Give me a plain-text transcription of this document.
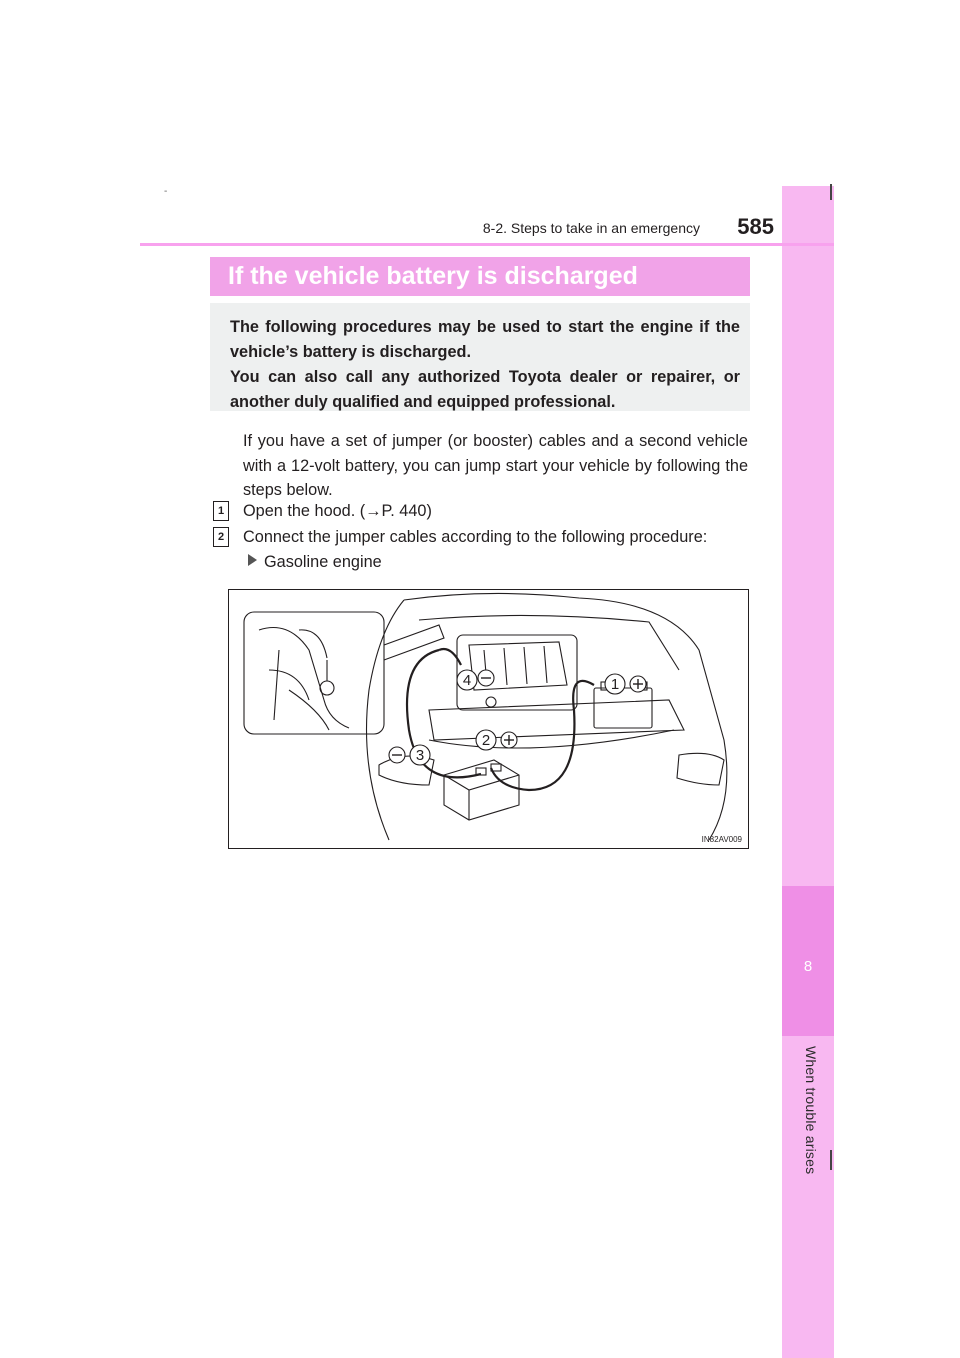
-
8
When trouble arises
8-2. Steps to take in an emergency	585
If the vehicle battery is discharged

The following procedures may be used to start the engine if the vehicle’s battery is discharged.

You can also call any authorized Toyota dealer or repairer, or another duly qualified and equipped professional.

If you have a set of jumper (or booster) cables and a second vehicle with a 12-volt battery, you can jump start your vehicle by following the steps below.

1	Open the hood. (→P. 440)
2	Connect the jumper cables according to the following procedure:
Gasoline engine
1
2
3
4
IN82AV009
